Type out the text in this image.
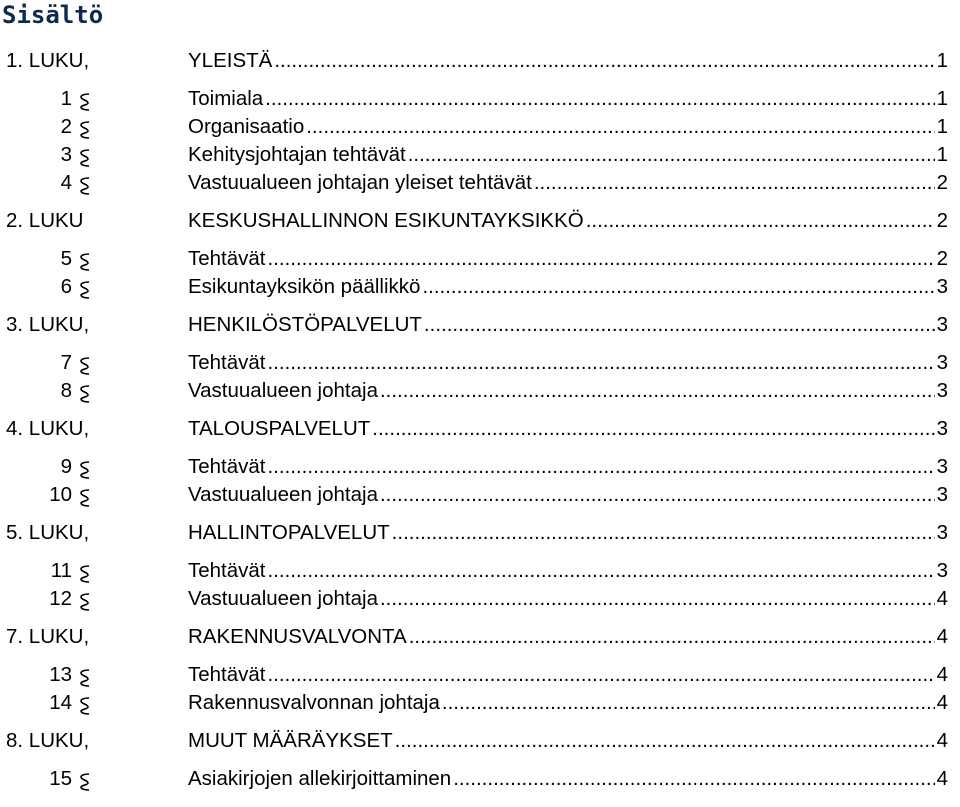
Sisältö
1. LUKU,	YLEISTÄ .....	1
1	Toimiala .....	1
2	Organisaatio .....	1
3	Kehitysjohtajan tehtävät .....	1
4	Vastuualueen johtajan yleiset tehtävät .....	2
2. LUKU	KESKUSHALLINNON ESIKUNTAYKSIKKÖ .....	2
5	Tehtävät .....	2
6	Esikuntayksikön päällikkö .....	3
3. LUKU,	HENKILÖSTÖPALVELUT .....	3
7	Tehtävät .....	3
8	Vastuualueen johtaja .....	3
4. LUKU,	TALOUSPALVELUT .....	3
9	Tehtävät .....	3
10	Vastuualueen johtaja .....	3
5. LUKU,	HALLINTOPALVELUT .....	3
11	Tehtävät .....	3
12	Vastuualueen johtaja .....	4
7. LUKU,	RAKENNUSVALVONTA .....	4
13	Tehtävät .....	4
14	Rakennusvalvonnan johtaja .....	4
8. LUKU,	MUUT MÄÄRÄYKSET .....	4
15	Asiakirjojen allekirjoittaminen .....	4
